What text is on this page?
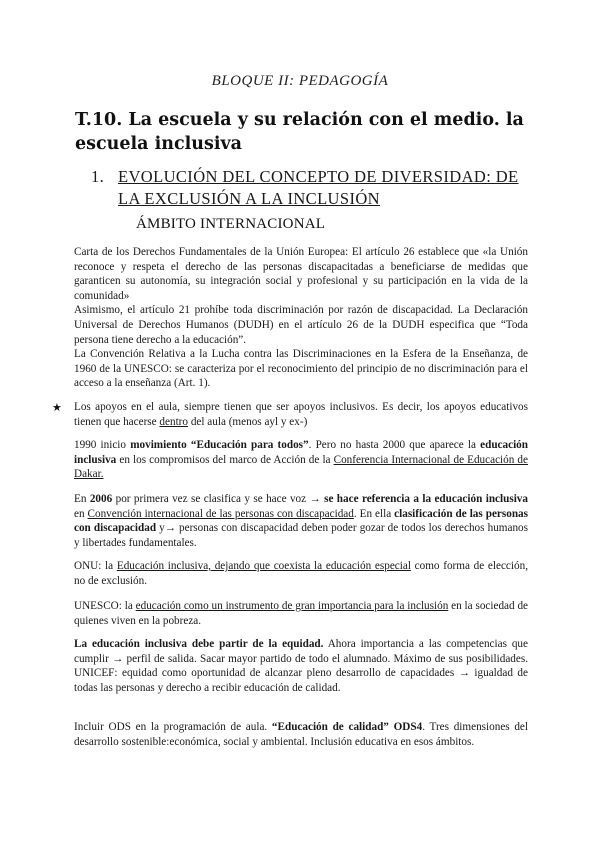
BLOQUE II: PEDAGOGÍA
T.10. La escuela y su relación con el medio. la escuela inclusiva
1. EVOLUCIÓN DEL CONCEPTO DE DIVERSIDAD: DE LA EXCLUSIÓN A LA INCLUSIÓN
ÁMBITO INTERNACIONAL
Carta de los Derechos Fundamentales de la Unión Europea: El artículo 26 establece que «la Unión reconoce y respeta el derecho de las personas discapacitadas a beneficiarse de medidas que garanticen su autonomía, su integración social y profesional y su participación en la vida de la comunidad»
Asimismo, el artículo 21 prohíbe toda discriminación por razón de discapacidad. La Declaración Universal de Derechos Humanos (DUDH) en el artículo 26 de la DUDH especifica que “Toda persona tiene derecho a la educación”.
La Convención Relativa a la Lucha contra las Discriminaciones en la Esfera de la Enseñanza, de 1960 de la UNESCO: se caracteriza por el reconocimiento del principio de no discriminación para el acceso a la enseñanza (Art. 1).
★ Los apoyos en el aula, siempre tienen que ser apoyos inclusivos. Es decir, los apoyos educativos tienen que hacerse dentro del aula (menos ayl y ex-)
1990 inicio movimiento “Educación para todos”. Pero no hasta 2000 que aparece la educación inclusiva en los compromisos del marco de Acción de la Conferencia Internacional de Educación de Dakar.
En 2006 por primera vez se clasifica y se hace voz → se hace referencia a la educación inclusiva en Convención internacional de las personas con discapacidad. En ella clasificación de las personas con discapacidad y→ personas con discapacidad deben poder gozar de todos los derechos humanos y libertades fundamentales.
ONU: la Educación inclusiva, dejando que coexista la educación especial como forma de elección, no de exclusión.
UNESCO: la educación como un instrumento de gran importancia para la inclusión en la sociedad de quienes viven en la pobreza.
La educación inclusiva debe partir de la equidad. Ahora importancia a las competencias que cumplir → perfil de salida. Sacar mayor partido de todo el alumnado. Máximo de sus posibilidades. UNICEF: equidad como oportunidad de alcanzar pleno desarrollo de capacidades → igualdad de todas las personas y derecho a recibir educación de calidad.
Incluir ODS en la programación de aula. “Educación de calidad” ODS4. Tres dimensiones del desarrollo sostenible:económica, social y ambiental. Inclusión educativa en esos ámbitos.
